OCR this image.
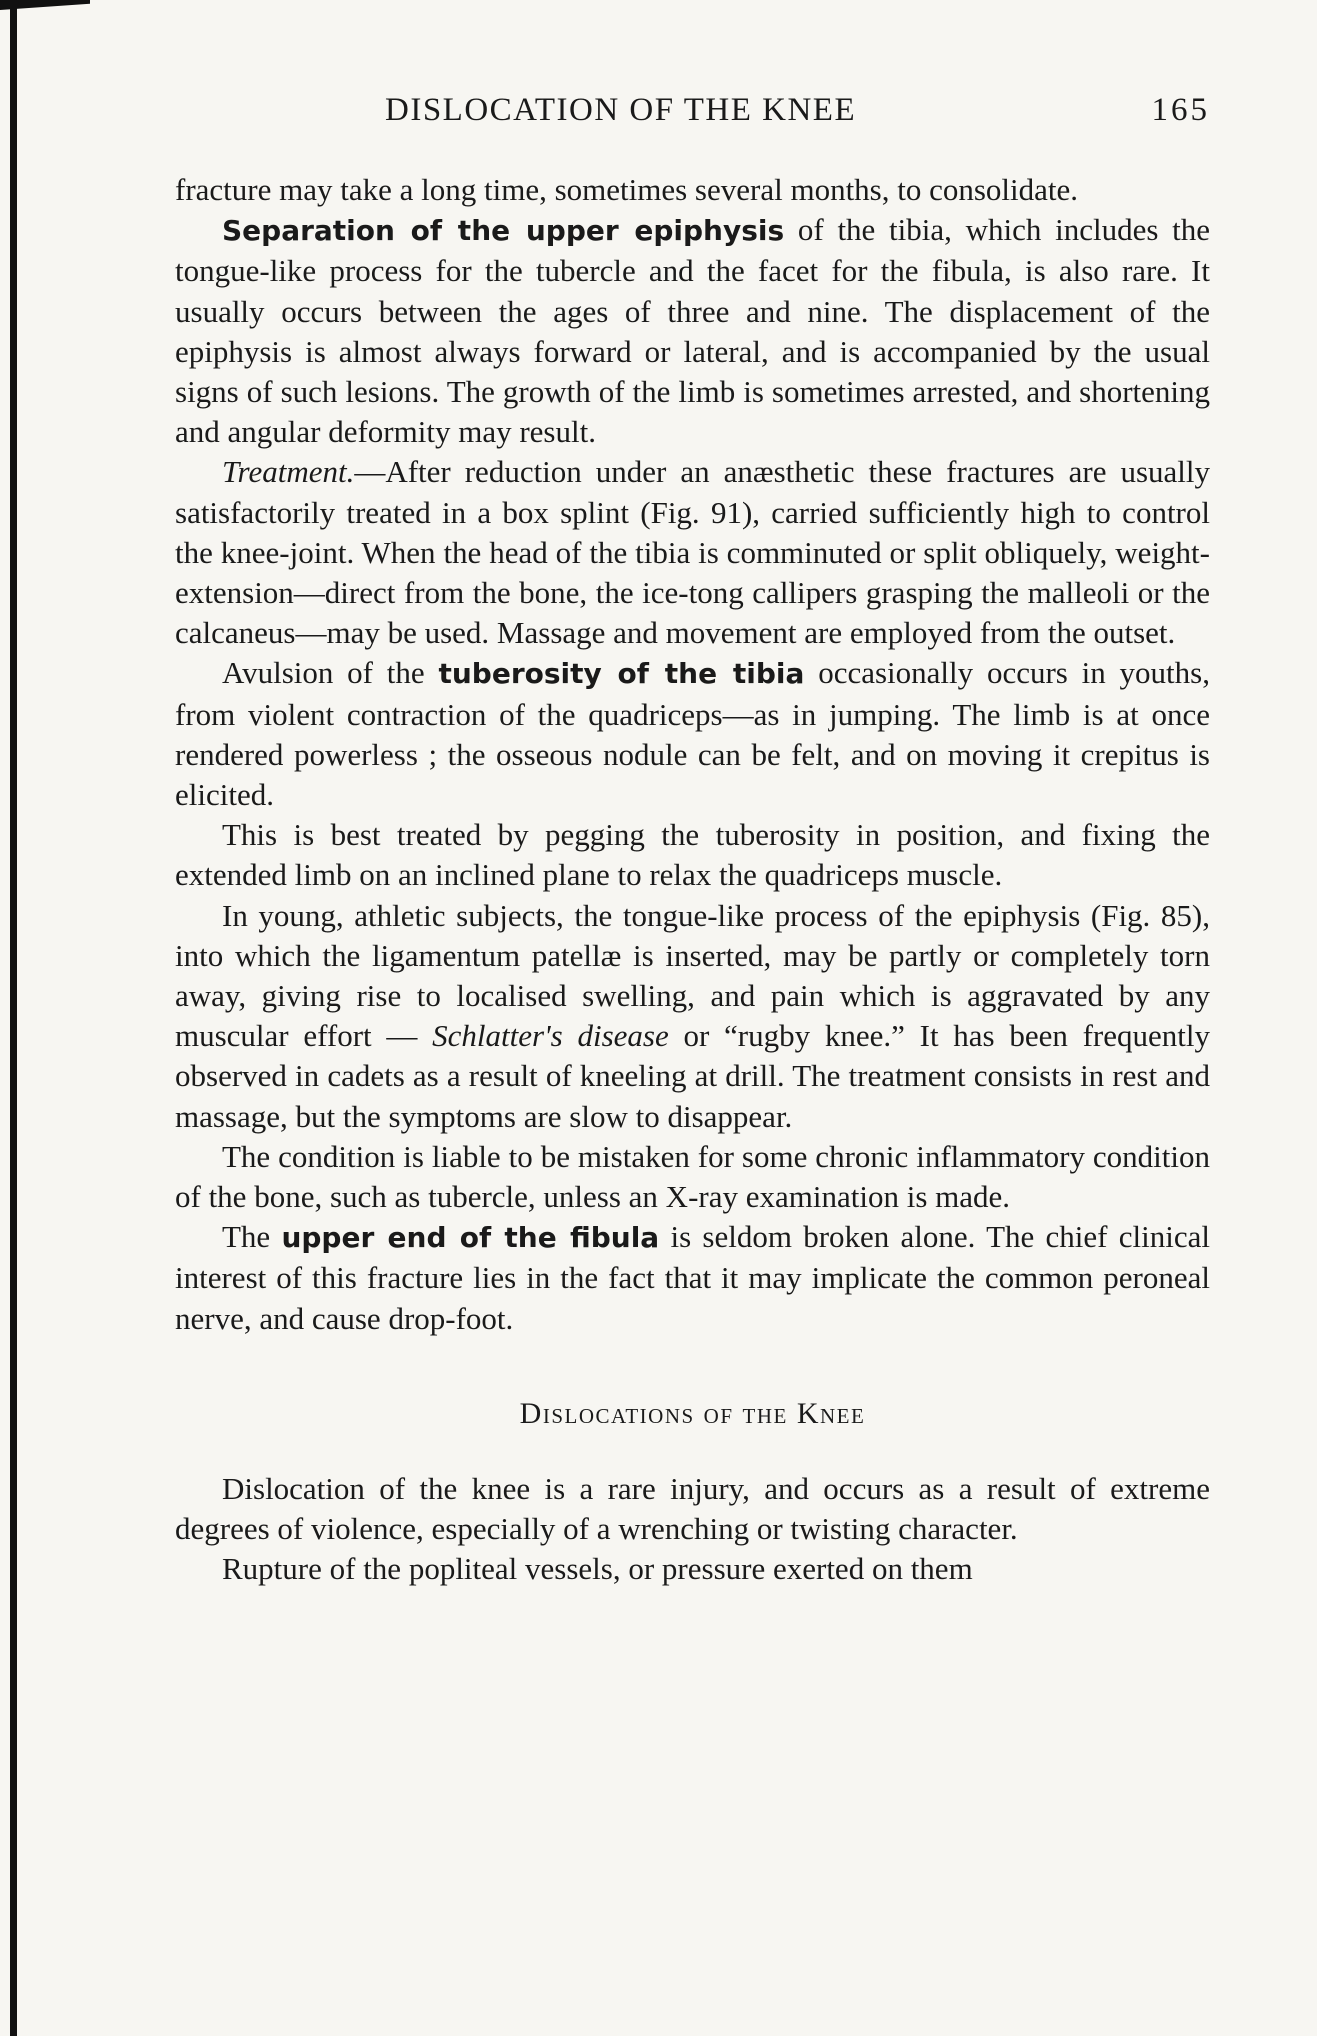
DISLOCATION OF THE KNEE	165

fracture may take a long time, sometimes several months, to consolidate.

Separation of the upper epiphysis of the tibia, which includes the tongue-like process for the tubercle and the facet for the fibula, is also rare. It usually occurs between the ages of three and nine. The displacement of the epiphysis is almost always forward or lateral, and is accompanied by the usual signs of such lesions. The growth of the limb is sometimes arrested, and shortening and angular deformity may result.

Treatment.—After reduction under an anæsthetic these fractures are usually satisfactorily treated in a box splint (Fig. 91), carried sufficiently high to control the knee-joint. When the head of the tibia is comminuted or split obliquely, weight-extension—direct from the bone, the ice-tong callipers grasping the malleoli or the calcaneus—may be used. Massage and movement are employed from the outset.

Avulsion of the tuberosity of the tibia occasionally occurs in youths, from violent contraction of the quadriceps—as in jumping. The limb is at once rendered powerless ; the osseous nodule can be felt, and on moving it crepitus is elicited.

This is best treated by pegging the tuberosity in position, and fixing the extended limb on an inclined plane to relax the quadriceps muscle.

In young, athletic subjects, the tongue-like process of the epiphysis (Fig. 85), into which the ligamentum patellæ is inserted, may be partly or completely torn away, giving rise to localised swelling, and pain which is aggravated by any muscular effort — Schlatter's disease or “rugby knee.” It has been frequently observed in cadets as a result of kneeling at drill. The treatment consists in rest and massage, but the symptoms are slow to disappear.

The condition is liable to be mistaken for some chronic inflammatory condition of the bone, such as tubercle, unless an X-ray examination is made.

The upper end of the fibula is seldom broken alone. The chief clinical interest of this fracture lies in the fact that it may implicate the common peroneal nerve, and cause drop-foot.

Dislocations of the Knee

Dislocation of the knee is a rare injury, and occurs as a result of extreme degrees of violence, especially of a wrenching or twisting character.

Rupture of the popliteal vessels, or pressure exerted on them
